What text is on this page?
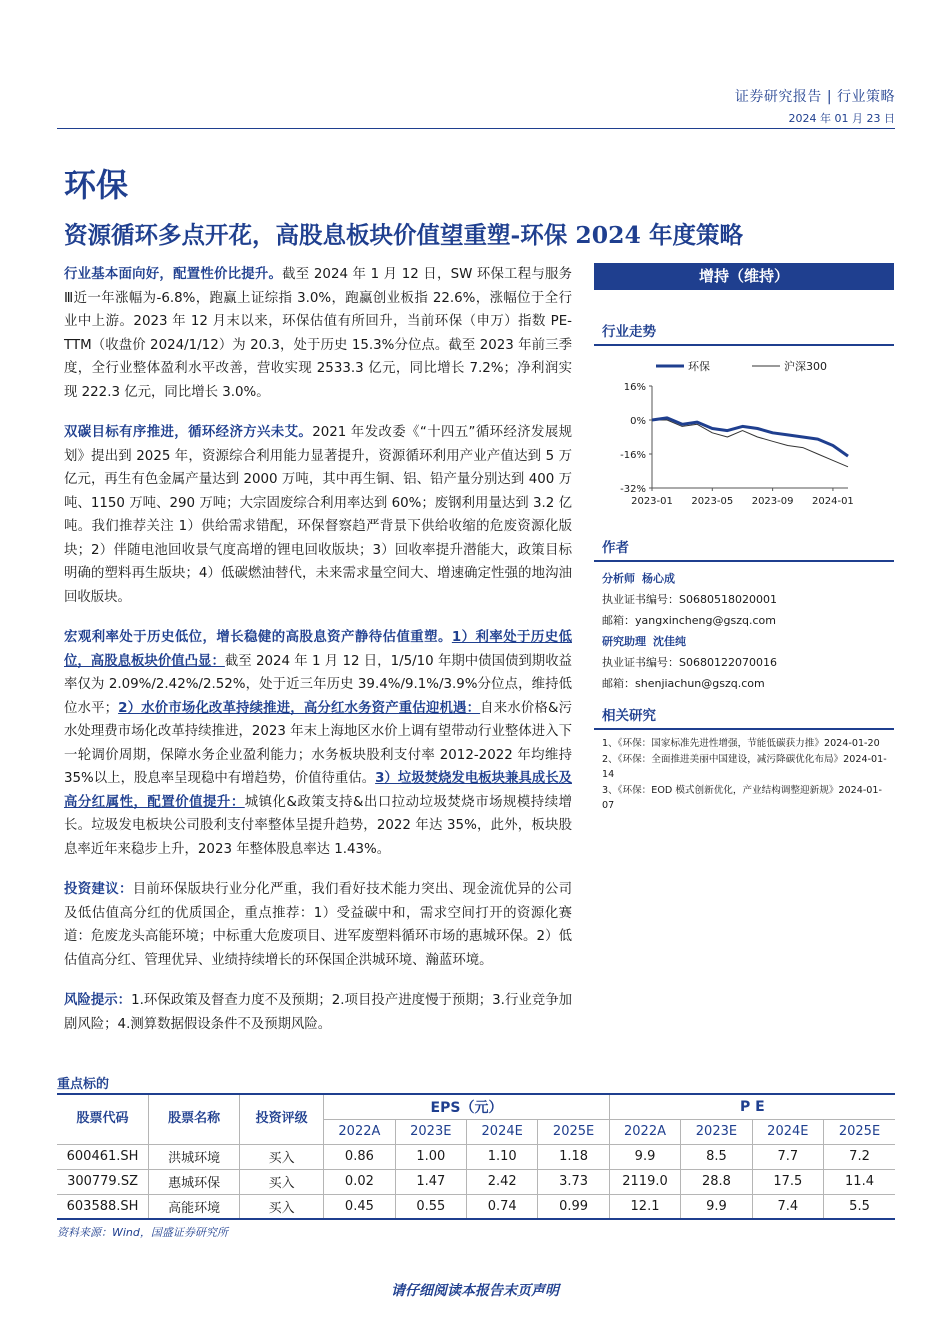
证券研究报告 | 行业策略
2024 年 01 月 23 日
环保
资源循环多点开花，高股息板块价值望重塑-环保 2024 年度策略

行业基本面向好，配置性价比提升。截至 2024 年 1 月 12 日，SW 环保工程与服务Ⅲ近一年涨幅为-6.8%，跑赢上证综指 3.0%，跑赢创业板指 22.6%，涨幅位于全行业中上游。2023 年 12 月末以来，环保估值有所回升，当前环保（申万）指数 PE-TTM（收盘价 2024/1/12）为 20.3，处于历史 15.3%分位点。截至 2023 年前三季度，全行业整体盈利水平改善，营收实现 2533.3 亿元，同比增长 7.2%；净利润实现 222.3 亿元，同比增长 3.0%。

双碳目标有序推进，循环经济方兴未艾。2021 年发改委《“十四五”循环经济发展规划》提出到 2025 年，资源综合利用能力显著提升，资源循环利用产业产值达到 5 万亿元，再生有色金属产量达到 2000 万吨，其中再生铜、铝、铅产量分别达到 400 万吨、1150 万吨、290 万吨；大宗固废综合利用率达到 60%；废钢利用量达到 3.2 亿吨。我们推荐关注 1）供给需求错配，环保督察趋严背景下供给收缩的危废资源化版块；2）伴随电池回收景气度高增的锂电回收版块；3）回收率提升潜能大，政策目标明确的塑料再生版块；4）低碳燃油替代，未来需求量空间大、增速确定性强的地沟油回收版块。

宏观利率处于历史低位，增长稳健的高股息资产静待估值重塑。1）利率处于历史低位，高股息板块价值凸显：截至 2024 年 1 月 12 日，1/5/10 年期中债国债到期收益率仅为 2.09%/2.42%/2.52%，处于近三年历史 39.4%/9.1%/3.9%分位点，维持低位水平；2）水价市场化改革持续推进，高分红水务资产重估迎机遇：自来水价格&污水处理费市场化改革持续推进，2023 年末上海地区水价上调有望带动行业整体进入下一轮调价周期，保障水务企业盈利能力；水务板块股利支付率 2012-2022 年均维持 35%以上，股息率呈现稳中有增趋势，价值待重估。3）垃圾焚烧发电板块兼具成长及高分红属性，配置价值提升：城镇化&政策支持&出口拉动垃圾焚烧市场规模持续增长。垃圾发电板块公司股利支付率整体呈提升趋势，2022 年达 35%，此外，板块股息率近年来稳步上升，2023 年整体股息率达 1.43%。

投资建议：目前环保版块行业分化严重，我们看好技术能力突出、现金流优异的公司及低估值高分红的优质国企，重点推荐：1）受益碳中和，需求空间打开的资源化赛道：危废龙头高能环境；中标重大危废项目、进军废塑料循环市场的惠城环保。2）低估值高分红、管理优异、业绩持续增长的环保国企洪城环境、瀚蓝环境。

风险提示：1.环保政策及督查力度不及预期；2.项目投产进度慢于预期；3.行业竞争加剧风险；4.测算数据假设条件不及预期风险。

增持（维持）
行业走势
环保	沪深300
16%
0%
-16%
-32%
2023-01 2023-05 2023-09 2024-01
作者
分析师 杨心成
执业证书编号：S0680518020001
邮箱：yangxincheng@gszq.com
研究助理 沈佳纯
执业证书编号：S0680122070016
邮箱：shenjiachun@gszq.com
相关研究
1、《环保：国家标准先进性增强，节能低碳获力推》2024-01-20
2、《环保：全面推进美丽中国建设，减污降碳优化布局》2024-01-14
3、《环保：EOD 模式创新优化，产业结构调整迎新规》2024-01-07
重点标的
股票代码	股票名称	投资评级	EPS（元）				P E			
			2022A	2023E	2024E	2025E	2022A	2023E	2024E	2025E
600461.SH	洪城环境	买入	0.86	1.00	1.10	1.18	9.9	8.5	7.7	7.2
300779.SZ	惠城环保	买入	0.02	1.47	2.42	3.73	2119.0	28.8	17.5	11.4
603588.SH	高能环境	买入	0.45	0.55	0.74	0.99	12.1	9.9	7.4	5.5
资料来源：Wind，国盛证券研究所
请仔细阅读本报告末页声明
